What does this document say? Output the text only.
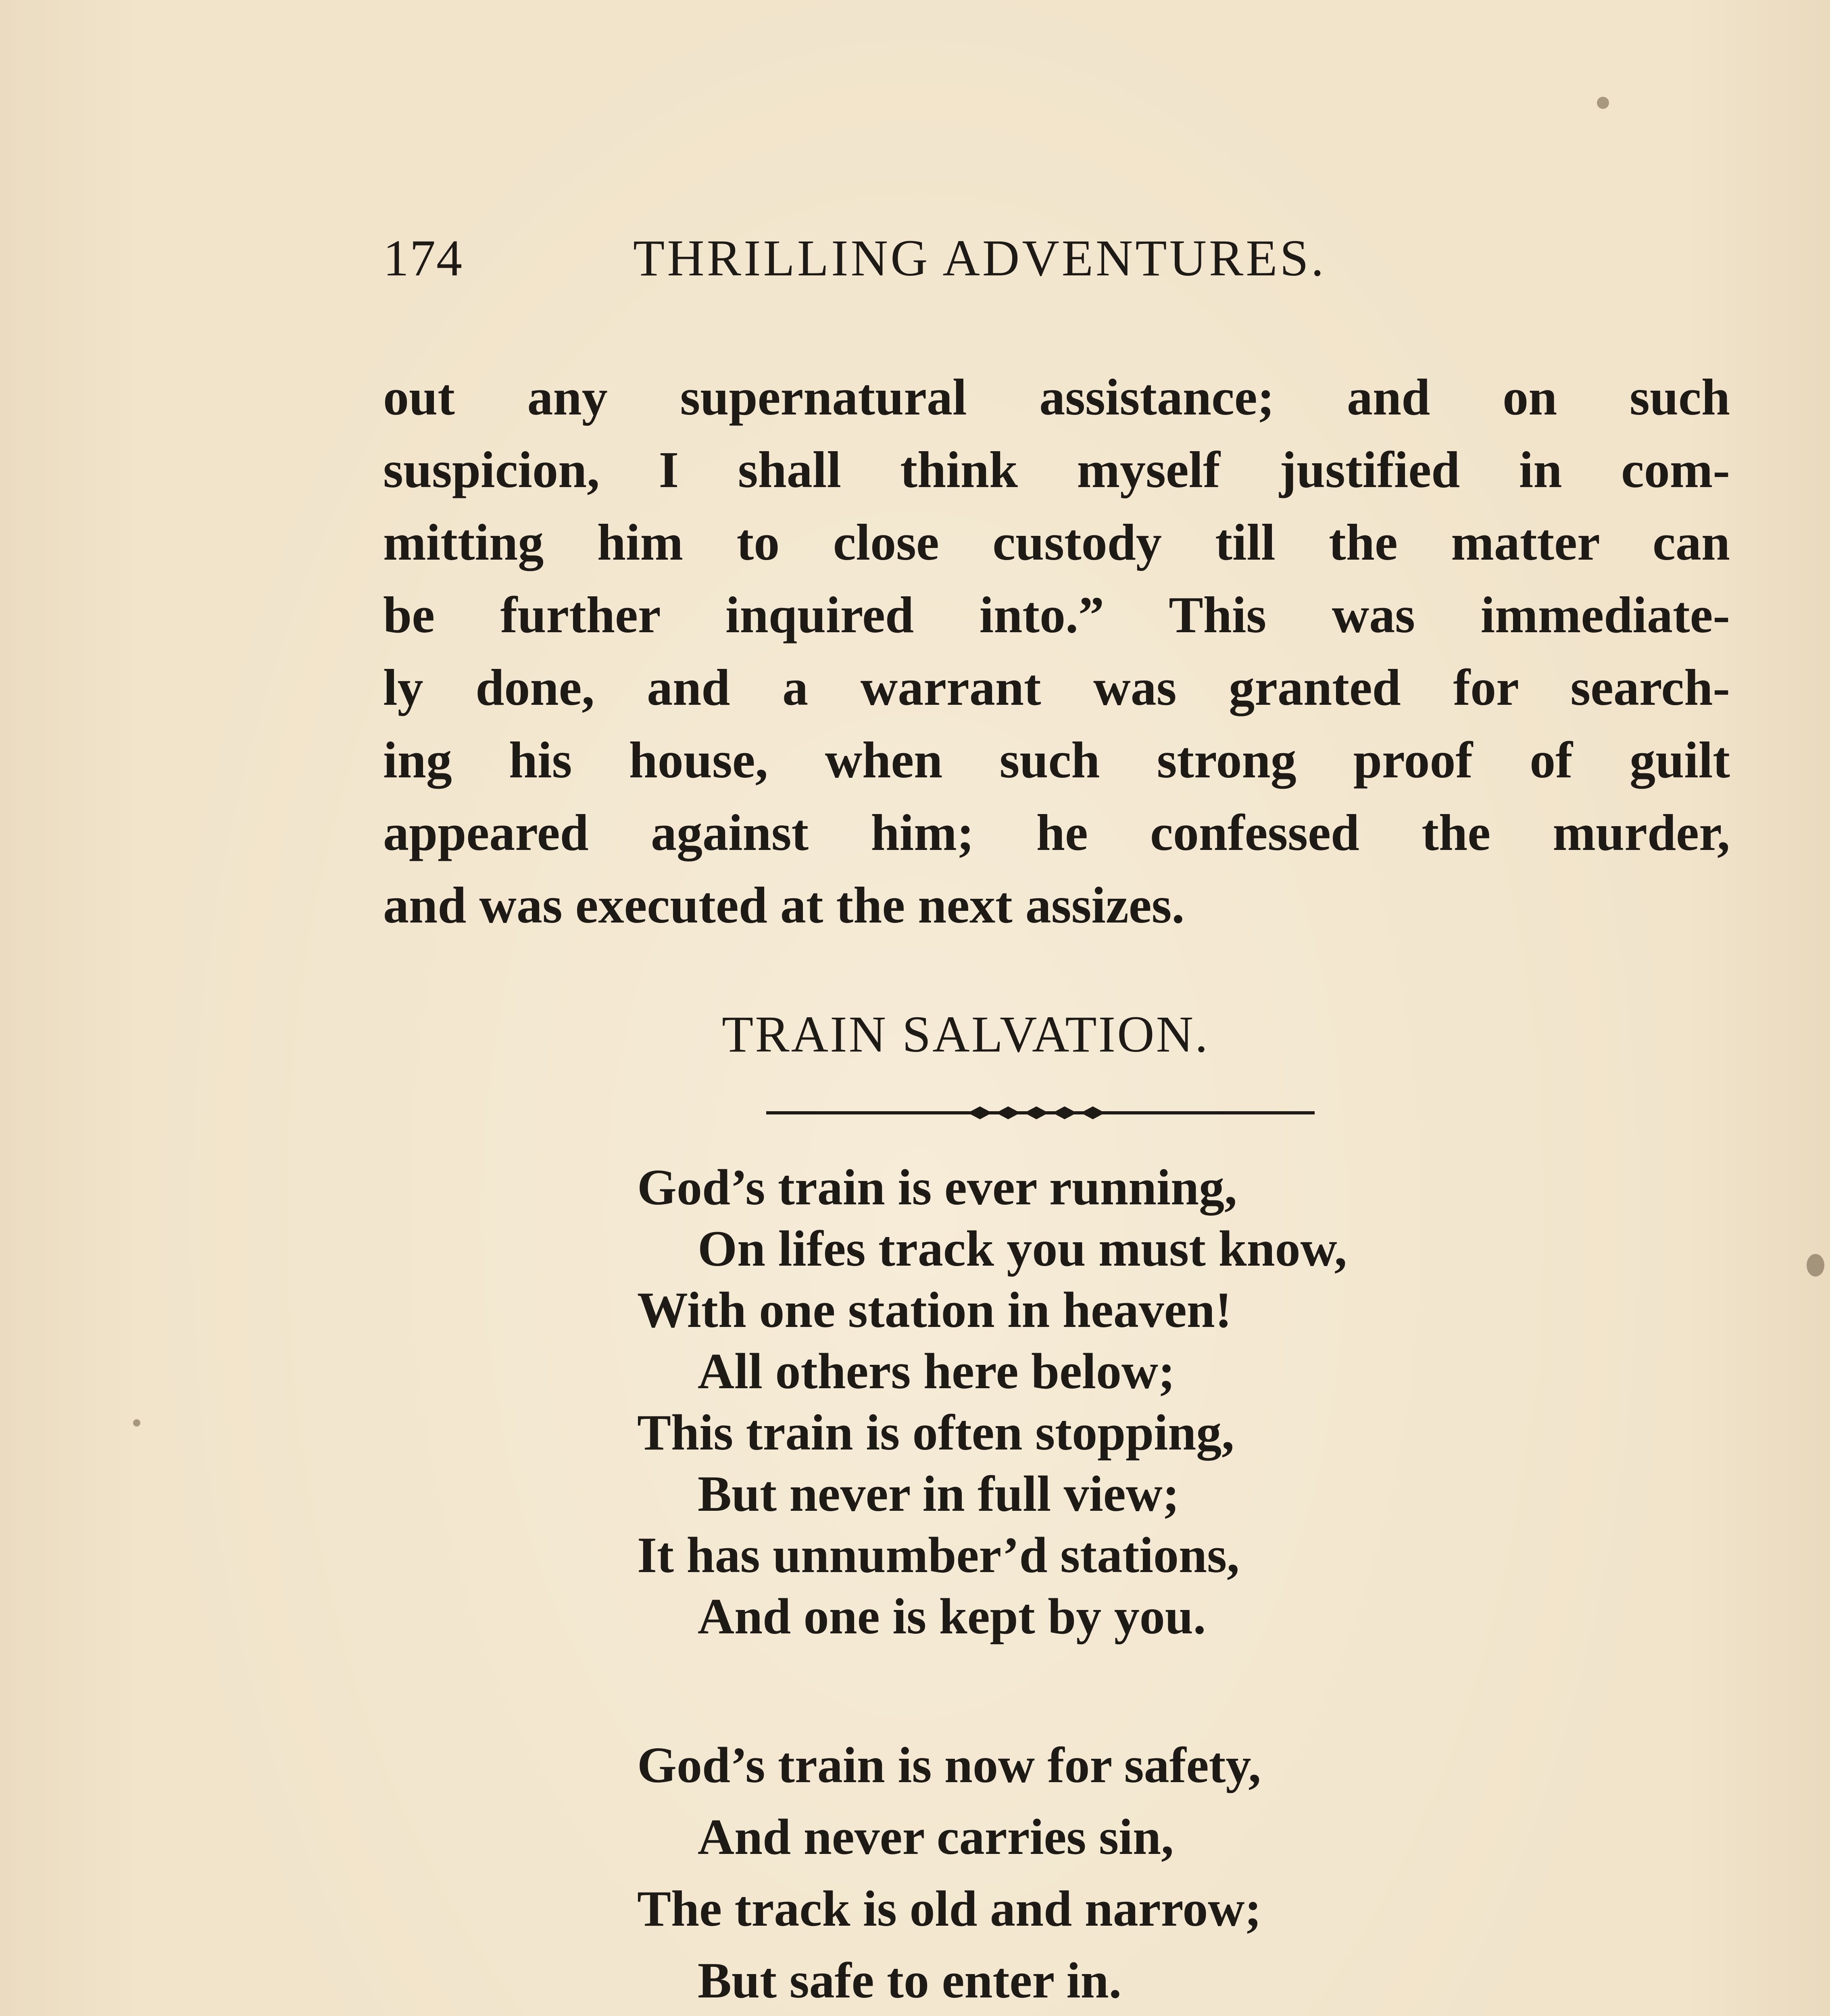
174	THRILLING ADVENTURES.
out any supernatural assistance; and on such
suspicion, I shall think myself justified in com-
mitting him to close custody till the matter can
be further inquired into.” This was immediate-
ly done, and a warrant was granted for search-
ing his house, when such strong proof of guilt
appeared against him; he confessed the murder,
and was executed at the next assizes.
TRAIN SALVATION.
God’s train is ever running,
On lifes track you must know,
With one station in heaven!
All others here below;
This train is often stopping,
But never in full view;
It has unnumber’d stations,
And one is kept by you.
God’s train is now for safety,
And never carries sin,
The track is old and narrow;
But safe to enter in.
